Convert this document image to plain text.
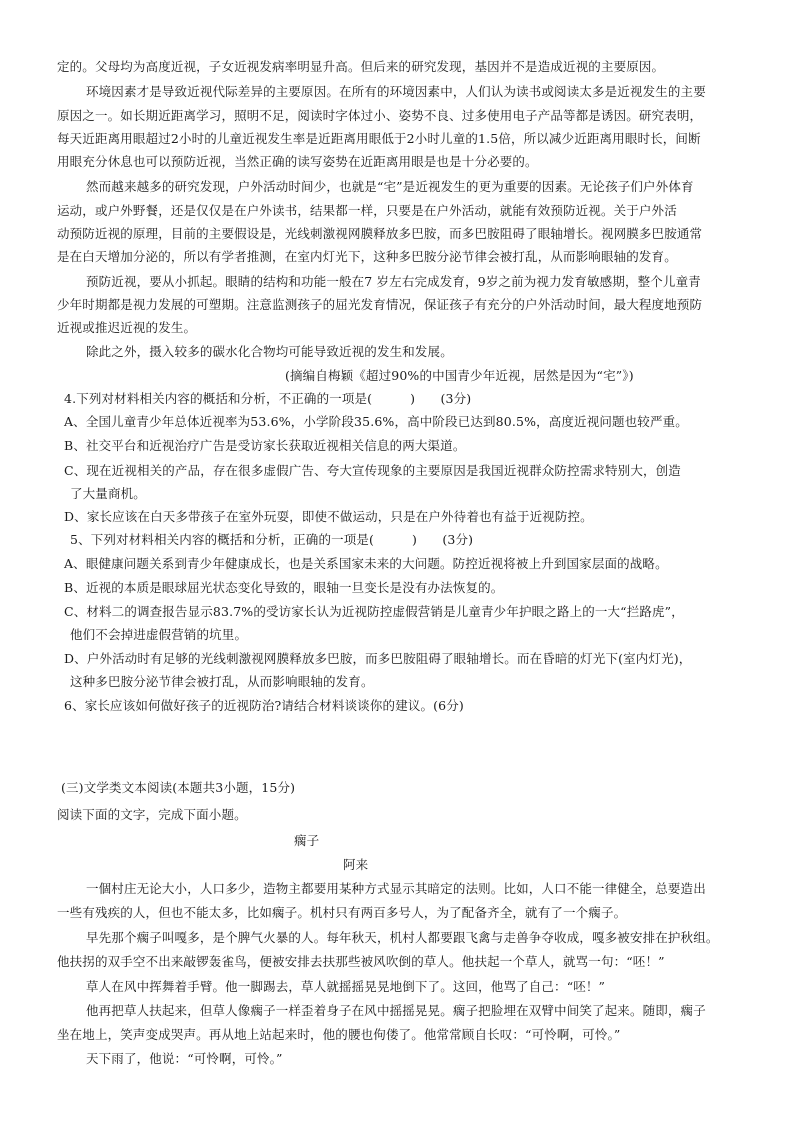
定的。父母均为高度近视，子女近视发病率明显升高。但后来的研究发现，基因并不是造成近视的主要原因。
环境因素才是导致近视代际差异的主要原因。在所有的环境因素中，人们认为读书或阅读太多是近视发生的主要
原因之一。如长期近距离学习，照明不足，阅读时字体过小、姿势不良、过多使用电子产品等都是诱因。研究表明，
每天近距离用眼超过2小时的儿童近视发生率是近距离用眼低于2小时儿童的1.5倍，所以减少近距离用眼时长，间断
用眼充分休息也可以预防近视，当然正确的读写姿势在近距离用眼是也是十分必要的。
然而越来越多的研究发现，户外活动时间少，也就是“宅”是近视发生的更为重要的因素。无论孩子们户外体育
运动，或户外野餐，还是仅仅是在户外读书，结果都一样，只要是在户外活动，就能有效预防近视。关于户外活
动预防近视的原理，目前的主要假设是，光线刺激视网膜释放多巴胺，而多巴胺阻碍了眼轴增长。视网膜多巴胺通常
是在白天增加分泌的，所以有学者推测，在室内灯光下，这种多巴胺分泌节律会被打乱，从而影响眼轴的发育。
预防近视，要从小抓起。眼睛的结构和功能一般在7 岁左右完成发育，9岁之前为视力发育敏感期，整个儿童青
少年时期都是视力发展的可塑期。注意监测孩子的屈光发育情况，保证孩子有充分的户外活动时间，最大程度地预防
近视或推迟近视的发生。
除此之外，摄入较多的碳水化合物均可能导致近视的发生和发展。
(摘编自梅颖《超过90%的中国青少年近视，居然是因为“宅”》)
4.下列对材料相关内容的概括和分析，不正确的一项是(　　　)　　(3分)
A、全国儿童青少年总体近视率为53.6%，小学阶段35.6%，高中阶段已达到80.5%，高度近视问题也较严重。
B、社交平台和近视治疗广告是受访家长获取近视相关信息的两大渠道。
C、现在近视相关的产品，存在很多虚假广告、夸大宣传现象的主要原因是我国近视群众防控需求特别大，创造
了大量商机。
D、家长应该在白天多带孩子在室外玩耍，即使不做运动，只是在户外待着也有益于近视防控。
5、下列对材料相关内容的概括和分析，正确的一项是(　　　)　　(3分)
A、眼健康问题关系到青少年健康成长，也是关系国家未来的大问题。防控近视将被上升到国家层面的战略。
B、近视的本质是眼球屈光状态变化导致的，眼轴一旦变长是没有办法恢复的。
C、材料二的调查报告显示83.7%的受访家长认为近视防控虚假营销是儿童青少年护眼之路上的一大“拦路虎”，
他们不会掉进虚假营销的坑里。
D、户外活动时有足够的光线刺激视网膜释放多巴胺，而多巴胺阻碍了眼轴增长。而在昏暗的灯光下(室内灯光)，
这种多巴胺分泌节律会被打乱，从而影响眼轴的发育。
6、家长应该如何做好孩子的近视防治?请结合材料谈谈你的建议。(6分)
(三)文学类文本阅读(本题共3小题，15分)
阅读下面的文字，完成下面小题。
瘸子
阿来
一個村庄无论大小，人口多少，造物主都要用某种方式显示其暗定的法则。比如，人口不能一律健全，总要造出
一些有残疾的人，但也不能太多，比如瘸子。机村只有两百多号人，为了配备齐全，就有了一个瘸子。
早先那个瘸子叫嘎多，是个脾气火暴的人。每年秋天，机村人都要跟飞禽与走兽争夺收成，嘎多被安排在护秋组。
他扶拐的双手空不出来敲锣轰雀鸟，便被安排去扶那些被风吹倒的草人。他扶起一个草人，就骂一句：“呸！”
草人在风中挥舞着手臂。他一脚踢去，草人就摇摇晃晃地倒下了。这回，他骂了自己：“呸！”
他再把草人扶起来，但草人像瘸子一样歪着身子在风中摇摇晃晃。瘸子把脸埋在双臂中间笑了起来。随即，瘸子
坐在地上，笑声变成哭声。再从地上站起来时，他的腰也佝偻了。他常常顾自长叹：“可怜啊，可怜。”
天下雨了，他说：“可怜啊，可怜。”
